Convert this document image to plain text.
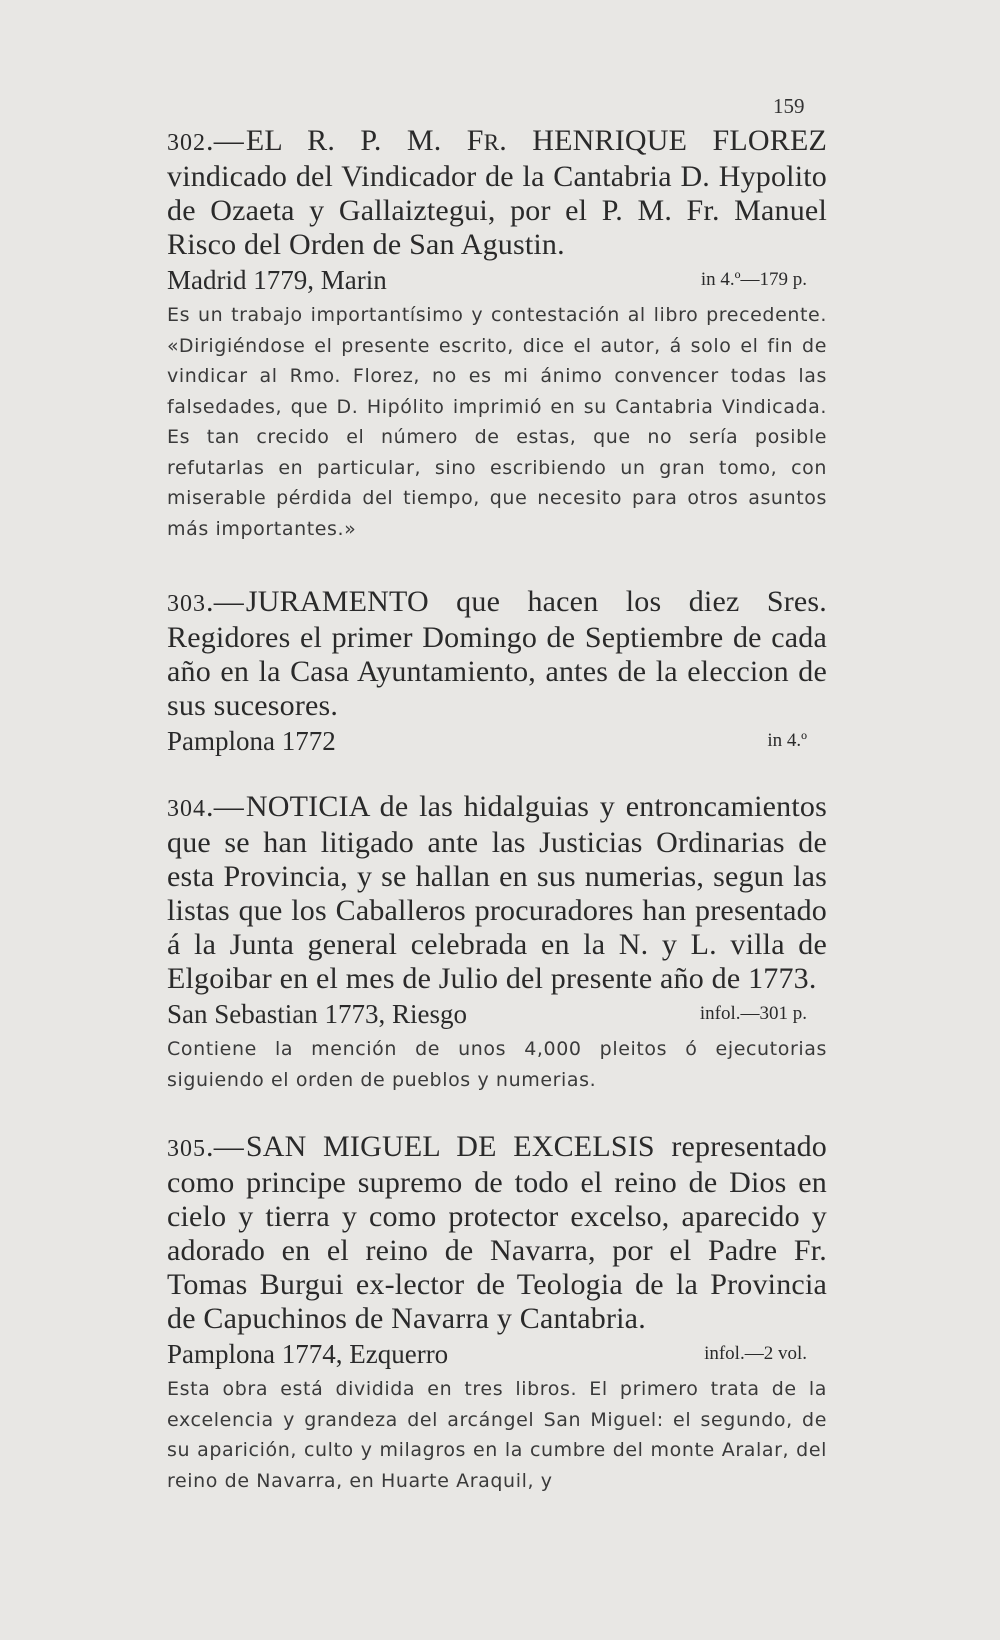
159

302.—EL R. P. M. FR. HENRIQUE FLOREZ vindicado del Vindicador de la Cantabria D. Hypolito de Ozaeta y Gallaiztegui, por el P. M. Fr. Manuel Risco del Orden de San Agustin.

Madrid 1779, Marin	in 4.º—179 p.

Es un trabajo importantísimo y contestación al libro precedente. «Dirigiéndose el presente escrito, dice el autor, á solo el fin de vindicar al Rmo. Florez, no es mi ánimo convencer todas las falsedades, que D. Hipólito imprimió en su Cantabria Vindicada. Es tan crecido el número de estas, que no sería posible refutarlas en particular, sino escribiendo un gran tomo, con miserable pérdida del tiempo, que necesito para otros asuntos más importantes.»

303.—JURAMENTO que hacen los diez Sres. Regidores el primer Domingo de Septiembre de cada año en la Casa Ayuntamiento, antes de la eleccion de sus sucesores.

Pamplona 1772	in 4.º

304.—NOTICIA de las hidalguias y entroncamientos que se han litigado ante las Justicias Ordinarias de esta Provincia, y se hallan en sus numerias, segun las listas que los Caballeros procuradores han presentado á la Junta general celebrada en la N. y L. villa de Elgoibar en el mes de Julio del presente año de 1773.

San Sebastian 1773, Riesgo	infol.—301 p.

Contiene la mención de unos 4,000 pleitos ó ejecutorias siguiendo el orden de pueblos y numerias.

305.—SAN MIGUEL DE EXCELSIS representado como principe supremo de todo el reino de Dios en cielo y tierra y como protector excelso, aparecido y adorado en el reino de Navarra, por el Padre Fr. Tomas Burgui ex-lector de Teologia de la Provincia de Capuchinos de Navarra y Cantabria.

Pamplona 1774, Ezquerro	infol.—2 vol.

Esta obra está dividida en tres libros. El primero trata de la excelencia y grandeza del arcángel San Miguel: el segundo, de su aparición, culto y milagros en la cumbre del monte Aralar, del reino de Navarra, en Huarte Araquil, y
